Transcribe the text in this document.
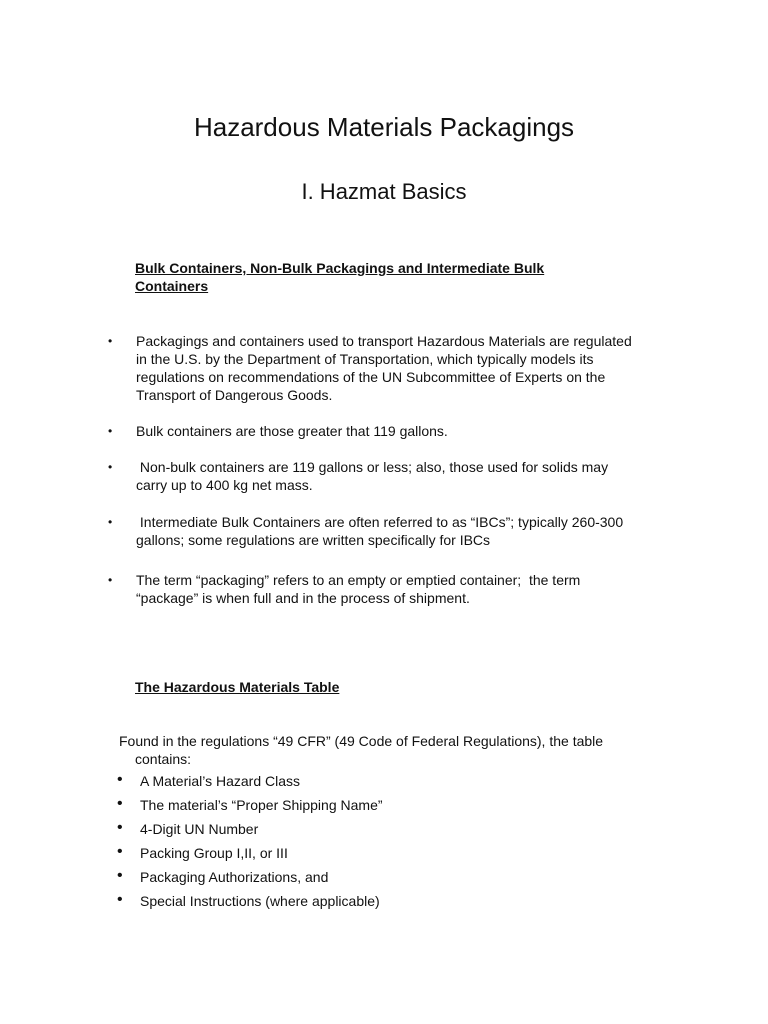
Hazardous Materials Packagings
I. Hazmat Basics

Bulk Containers, Non-Bulk Packagings and Intermediate Bulk
Containers

•	Packagings and containers used to transport Hazardous Materials are regulated in the U.S. by the Department of Transportation, which typically models its regulations on recommendations of the UN Subcommittee of Experts on the Transport of Dangerous Goods.
•	Bulk containers are those greater that 119 gallons.
•	Non-bulk containers are 119 gallons or less; also, those used for solids may carry up to 400 kg net mass.
•	Intermediate Bulk Containers are often referred to as “IBCs”; typically 260-300 gallons; some regulations are written specifically for IBCs
•	The term “packaging” refers to an empty or emptied container;  the term “package” is when full and in the process of shipment.

The Hazardous Materials Table

Found in the regulations “49 CFR” (49 Code of Federal Regulations), the table contains:

• A Material’s Hazard Class
• The material’s “Proper Shipping Name”
• 4-Digit UN Number
• Packing Group I,II, or III
• Packaging Authorizations, and
• Special Instructions (where applicable)
